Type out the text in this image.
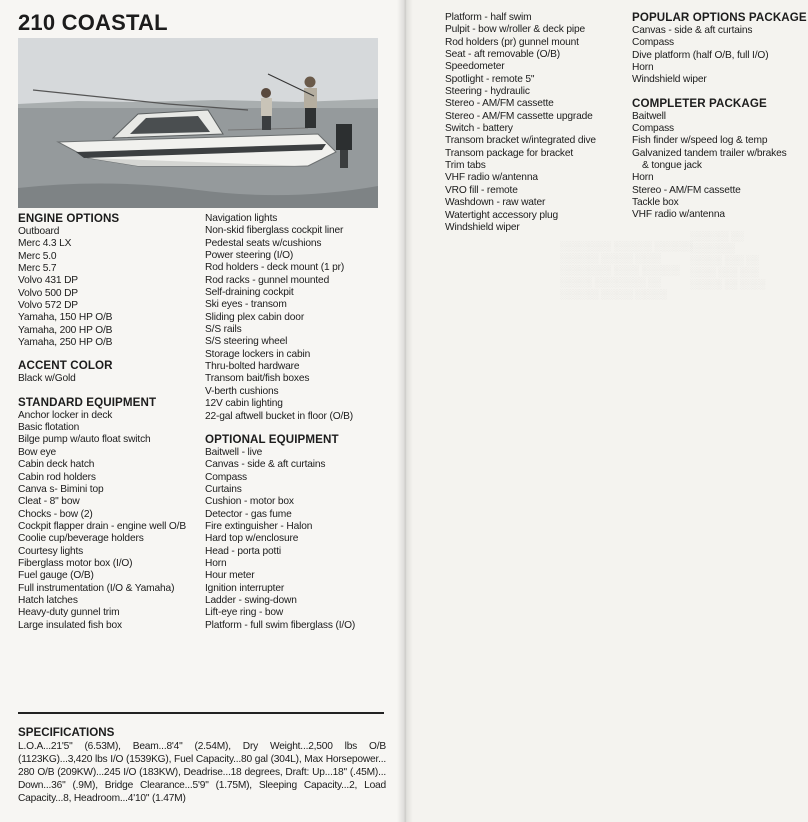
░░░░░░░░ ░░░░░░ ░░░░░░
░░░░░░ ░░░░░ ░░░░
░░░░░░░░ ░░░░ ░░░░░░
░░░░░ ░░░░░░░░ ░░
░░░░░░ ░░░░░ ░░░░░
░░░░░░ ░░
░░░░░░░
░░░░░ ░░░ ░░
░░░░ ░░░ ░░░
░░░░░ ░░ ░░░░
210 COASTAL
ENGINE OPTIONS
Outboard
Merc 4.3 LX
Merc 5.0
Merc 5.7
Volvo 431 DP
Volvo 500 DP
Volvo 572 DP
Yamaha, 150 HP O/B
Yamaha, 200 HP O/B
Yamaha, 250 HP O/B
ACCENT COLOR
Black w/Gold
STANDARD EQUIPMENT
Anchor locker in deck
Basic flotation
Bilge pump w/auto float switch
Bow eye
Cabin deck hatch
Cabin rod holders
Canva s- Bimini top
Cleat - 8" bow
Chocks - bow (2)
Cockpit flapper drain - engine well O/B
Coolie cup/beverage holders
Courtesy lights
Fiberglass motor box (I/O)
Fuel gauge (O/B)
Full instrumentation (I/O & Yamaha)
Hatch latches
Heavy-duty gunnel trim
Large insulated fish box
Navigation lights
Non-skid fiberglass cockpit liner
Pedestal seats w/cushions
Power steering (I/O)
Rod holders - deck mount (1 pr)
Rod racks - gunnel mounted
Self-draining cockpit
Ski eyes - transom
Sliding plex cabin door
S/S rails
S/S steering wheel
Storage lockers in cabin
Thru-bolted hardware
Transom bait/fish boxes
V-berth cushions
12V cabin lighting
22-gal aftwell bucket in floor (O/B)
OPTIONAL EQUIPMENT
Baitwell - live
Canvas - side & aft curtains
Compass
Curtains
Cushion - motor box
Detector - gas fume
Fire extinguisher - Halon
Hard top w/enclosure
Head - porta potti
Horn
Hour meter
Ignition interrupter
Ladder - swing-down
Lift-eye ring - bow
Platform - full swim fiberglass (I/O)
SPECIFICATIONS
L.O.A...21'5" (6.53M), Beam...8'4" (2.54M), Dry Weight...2,500 lbs O/B (1123KG)...3,420 lbs I/O (1539KG), Fuel Capacity...80 gal (304L), Max Horsepower... 280 O/B (209KW)...245 I/O (183KW), Deadrise...18 degrees, Draft: Up...18" (.45M)... Down...36" (.9M), Bridge Clearance...5'9" (1.75M), Sleeping Capacity...2, Load Capacity...8, Headroom...4'10" (1.47M)
Platform - half swim
Pulpit - bow w/roller & deck pipe
Rod holders (pr) gunnel mount
Seat - aft removable (O/B)
Speedometer
Spotlight - remote 5"
Steering - hydraulic
Stereo - AM/FM cassette
Stereo - AM/FM cassette upgrade
Switch - battery
Transom bracket w/integrated dive
Transom package for bracket
Trim tabs
VHF radio w/antenna
VRO fill - remote
Washdown - raw water
Watertight accessory plug
Windshield wiper
POPULAR OPTIONS PACKAGE
Canvas - side & aft curtains
Compass
Dive platform (half O/B, full I/O)
Horn
Windshield wiper
COMPLETER PACKAGE
Baitwell
Compass
Fish finder w/speed log & temp
Galvanized tandem trailer w/brakes
& tongue jack
Horn
Stereo - AM/FM cassette
Tackle box
VHF radio w/antenna
